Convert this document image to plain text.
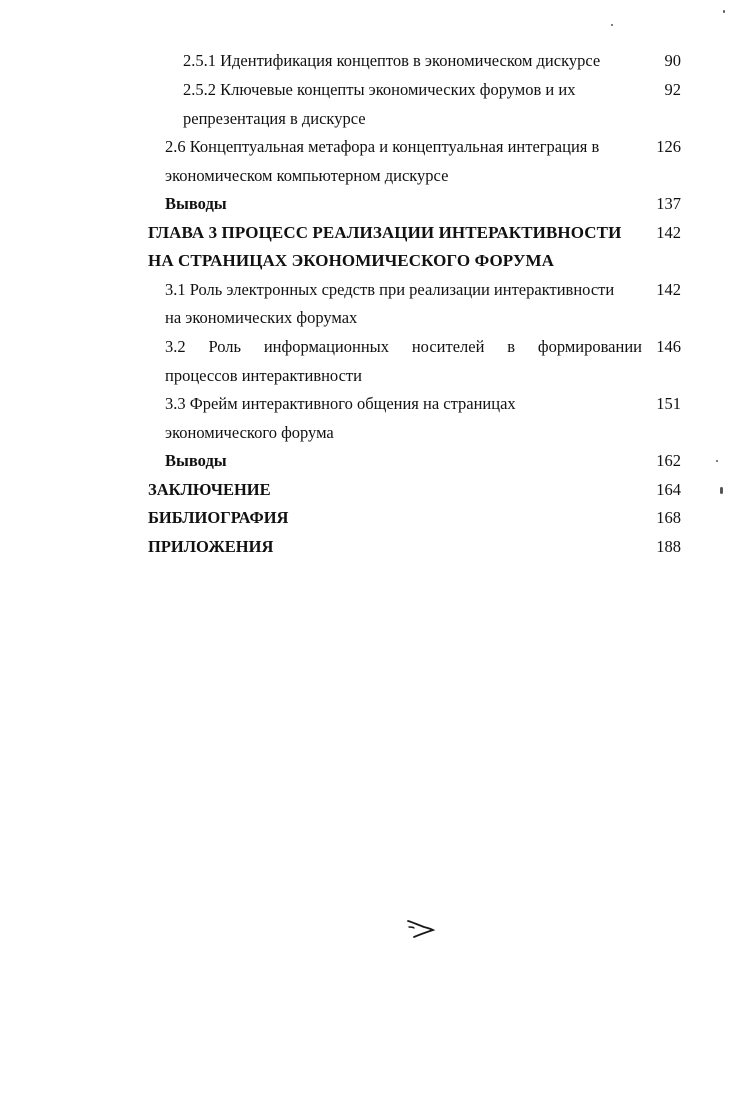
2.5.1 Идентификация концептов в экономическом дискурсе	90
2.5.2 Ключевые концепты экономических форумов и их	92
репрезентация в дискурсе
2.6 Концептуальная метафора и концептуальная интеграция в	126
экономическом компьютерном дискурсе
Выводы	137
ГЛАВА 3 ПРОЦЕСС РЕАЛИЗАЦИИ ИНТЕРАКТИВНОСТИ	142
НА СТРАНИЦАХ ЭКОНОМИЧЕСКОГО ФОРУМА
3.1 Роль электронных средств при реализации интерактивности	142
на экономических форумах
3.2 Роль информационных носителей в формировании 146
процессов интерактивности
3.3 Фрейм интерактивного общения на страницах	151
экономического форума
Выводы	162
ЗАКЛЮЧЕНИЕ	164
БИБЛИОГРАФИЯ	168
ПРИЛОЖЕНИЯ	188
